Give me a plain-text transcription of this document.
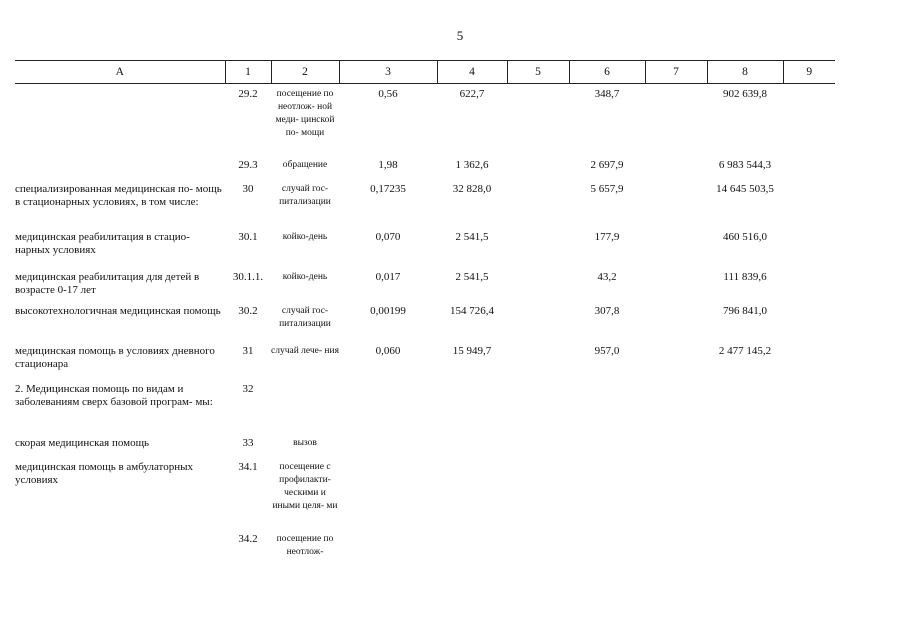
5
А	1	2	3	4	5	6	7	8	9
	29.2	посещение по неотлож- ной меди- цинской по- мощи	0,56	622,7		348,7		902 639,8	
	29.3	обращение	1,98	1 362,6		2 697,9		6 983 544,3	
специализированная медицинская по- мощь в стационарных условиях, в том числе:	30	случай гос- питализации	0,17235	32 828,0		5 657,9		14 645 503,5	
медицинская реабилитация в стацио- нарных условиях	30.1	койко-день	0,070	2 541,5		177,9		460 516,0	
медицинская реабилитация для детей в возрасте 0-17 лет	30.1.1.	койко-день	0,017	2 541,5		43,2		111 839,6	
высокотехнологичная медицинская помощь	30.2	случай гос- питализации	0,00199	154 726,4		307,8		796 841,0	
медицинская помощь в условиях дневного стационара	31	случай лече- ния	0,060	15 949,7		957,0		2 477 145,2	
2. Медицинская помощь по видам и заболеваниям сверх базовой програм- мы:	32								
скорая медицинская помощь	33	вызов							
медицинская помощь в амбулаторных условиях	34.1	посещение с профилакти- ческими и иными целя- ми							
	34.2	посещение по неотлож-							
